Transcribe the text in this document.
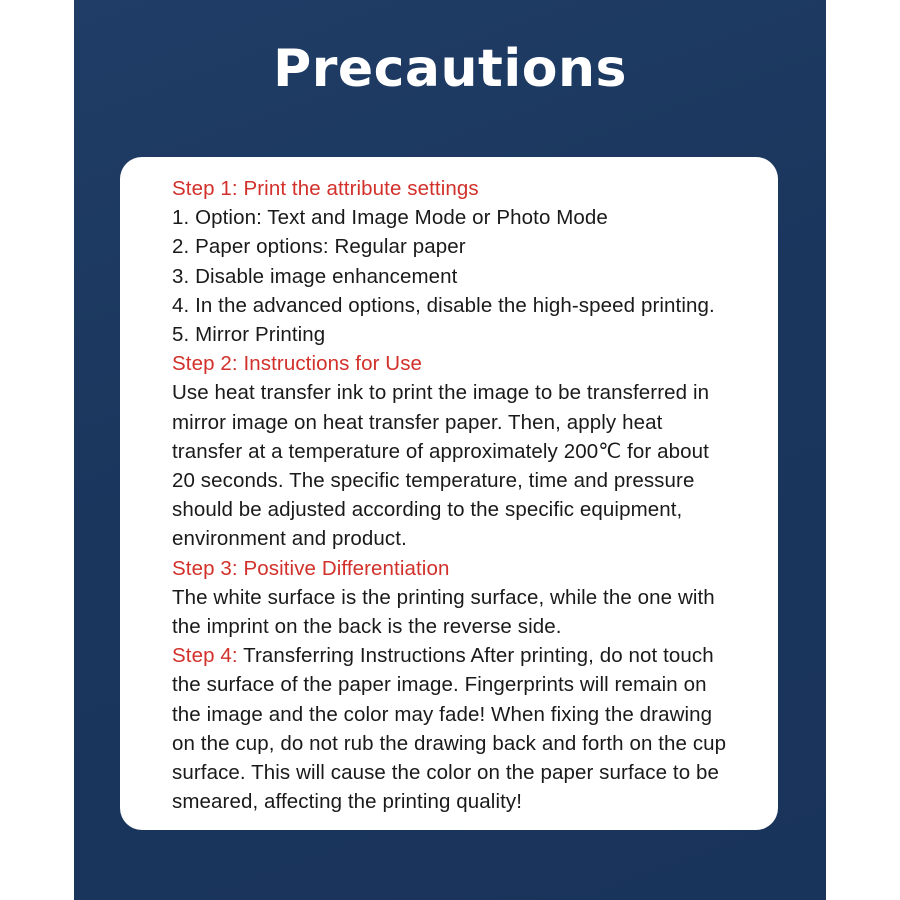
Precautions
Step 1: Print the attribute settings
1. Option: Text and Image Mode or Photo Mode
2. Paper options: Regular paper
3. Disable image enhancement
4. In the advanced options, disable the high-speed printing.
5. Mirror Printing
Step 2: Instructions for Use
Use heat transfer ink to print the image to be transferred in
mirror image on heat transfer paper. Then, apply heat
transfer at a temperature of approximately 200℃ for about
20 seconds. The specific temperature, time and pressure
should be adjusted according to the specific equipment,
environment and product.
Step 3: Positive Differentiation
The white surface is the printing surface, while the one with
the imprint on the back is the reverse side.
Step 4: Transferring Instructions After printing, do not touch
the surface of the paper image. Fingerprints will remain on
the image and the color may fade! When fixing the drawing
on the cup, do not rub the drawing back and forth on the cup
surface. This will cause the color on the paper surface to be
smeared, affecting the printing quality!
